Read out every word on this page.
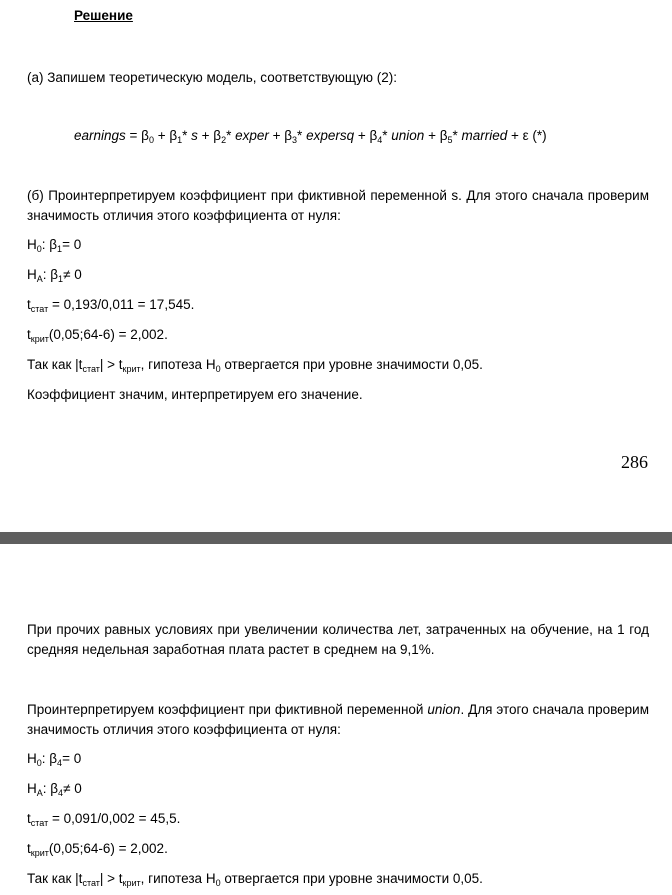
Решение
(а) Запишем теоретическую модель, соответствующую (2):
earnings = $\beta_0 + \beta_1*$ $s + \beta_2*$ exper + $\beta_3*$ expersq + $\beta_4*$ union + $\beta_5*$ married + ε (*)
(б) Проинтерпретируем коэффициент при фиктивной переменной s. Для этого сначала проверим значимость отличия этого коэффициента от нуля:
$H_0$: $\beta_1= 0$
$H_A$: $\beta_1\ne 0$
$t_{стат} = 0,193/0,011 = 17,545$.
$t_{крит}(0,05;64-6) = 2,002$.
Так как $|t_{стат}| > t_{крит}$, гипотеза $H_0$ отвергается при уровне значимости 0,05.
Коэффициент значим, интерпретируем его значение.
286
При прочих равных условиях при увеличении количества лет, затраченных на обучение, на 1 год средняя недельная заработная плата растет в среднем на 9,1%.
Проинтерпретируем коэффициент при фиктивной переменной union. Для этого сначала проверим значимость отличия этого коэффициента от нуля:
$H_0$: $\beta_4= 0$
$H_A$: $\beta_4\ne 0$
$t_{стат} = 0,091/0,002 = 45,5$.
$t_{крит}(0,05;64-6) = 2,002$.
Так как $|t_{стат}| > t_{крит}$, гипотеза $H_0$ отвергается при уровне значимости 0,05.
